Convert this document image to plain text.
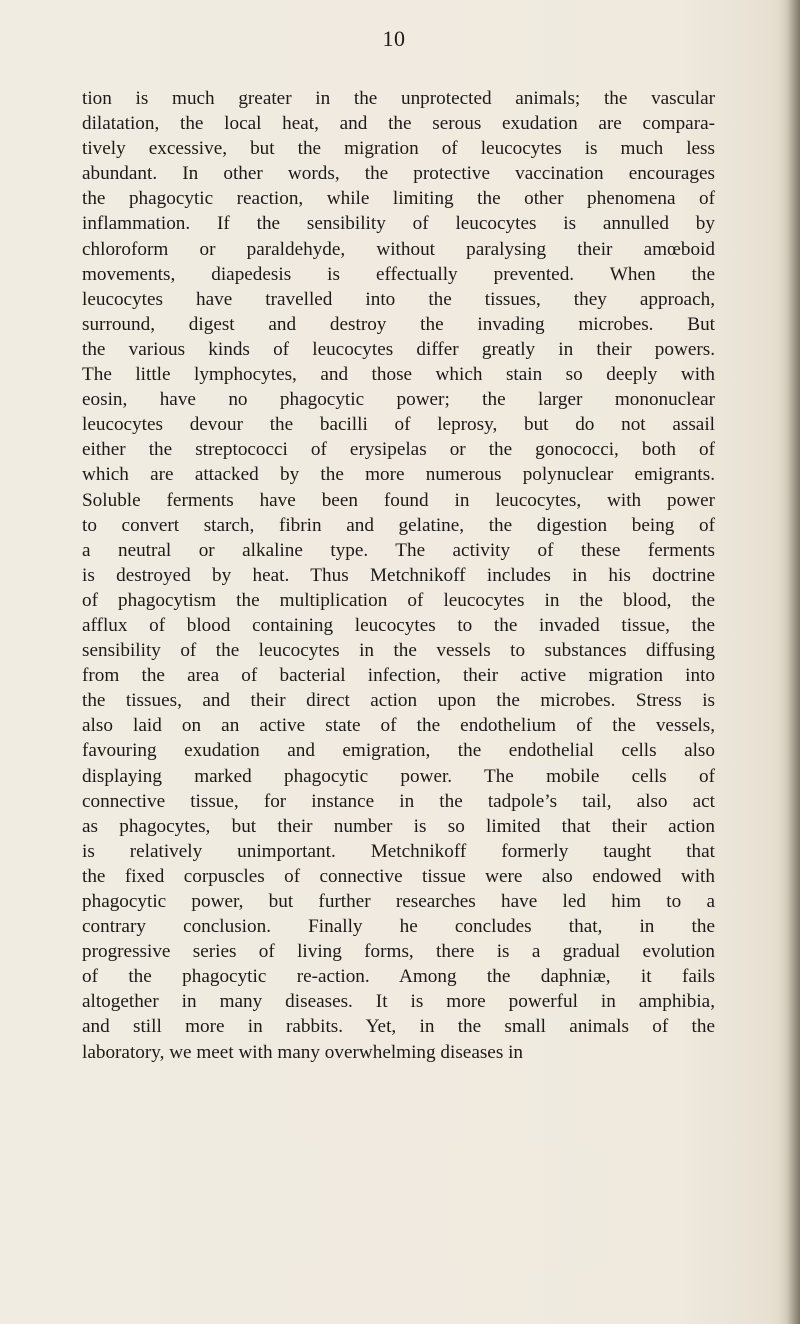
10
tion is much greater in the unprotected animals; the vascular
dilatation, the local heat, and the serous exudation are compara-
tively excessive, but the migration of leucocytes is much less
abundant. In other words, the protective vaccination encourages
the phagocytic reaction, while limiting the other phenomena of
inflammation. If the sensibility of leucocytes is annulled by
chloroform or paraldehyde, without paralysing their amœboid
movements, diapedesis is effectually prevented. When the
leucocytes have travelled into the tissues, they approach,
surround, digest and destroy the invading microbes. But
the various kinds of leucocytes differ greatly in their powers.
The little lymphocytes, and those which stain so deeply with
eosin, have no phagocytic power; the larger mononuclear
leucocytes devour the bacilli of leprosy, but do not assail
either the streptococci of erysipelas or the gonococci, both of
which are attacked by the more numerous polynuclear emigrants.
Soluble ferments have been found in leucocytes, with power
to convert starch, fibrin and gelatine, the digestion being of
a neutral or alkaline type. The activity of these ferments
is destroyed by heat. Thus Metchnikoff includes in his doctrine
of phagocytism the multiplication of leucocytes in the blood, the
afflux of blood containing leucocytes to the invaded tissue, the
sensibility of the leucocytes in the vessels to substances diffusing
from the area of bacterial infection, their active migration into
the tissues, and their direct action upon the microbes. Stress is
also laid on an active state of the endothelium of the vessels,
favouring exudation and emigration, the endothelial cells also
displaying marked phagocytic power. The mobile cells of
connective tissue, for instance in the tadpole’s tail, also act
as phagocytes, but their number is so limited that their action
is relatively unimportant. Metchnikoff formerly taught that
the fixed corpuscles of connective tissue were also endowed with
phagocytic power, but further researches have led him to a
contrary conclusion. Finally he concludes that, in the
progressive series of living forms, there is a gradual evolution
of the phagocytic re-action. Among the daphniæ, it fails
altogether in many diseases. It is more powerful in amphibia,
and still more in rabbits. Yet, in the small animals of the
laboratory, we meet with many overwhelming diseases in
